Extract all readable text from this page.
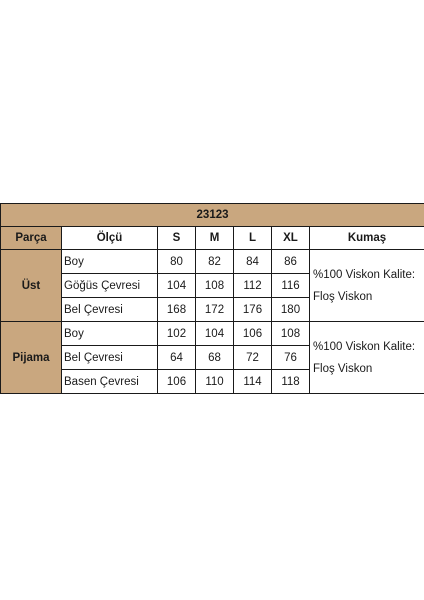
23123						
Parça	Ölçü	S	M	L	XL	Kumaş
Üst	Boy	80	82	84	86	%100 Viskon Kalite: Floş Viskon
	Göğüs Çevresi	104	108	112	116	
	Bel Çevresi	168	172	176	180	
Pijama	Boy	102	104	106	108	%100 Viskon Kalite: Floş Viskon
	Bel Çevresi	64	68	72	76	
	Basen Çevresi	106	110	114	118	
